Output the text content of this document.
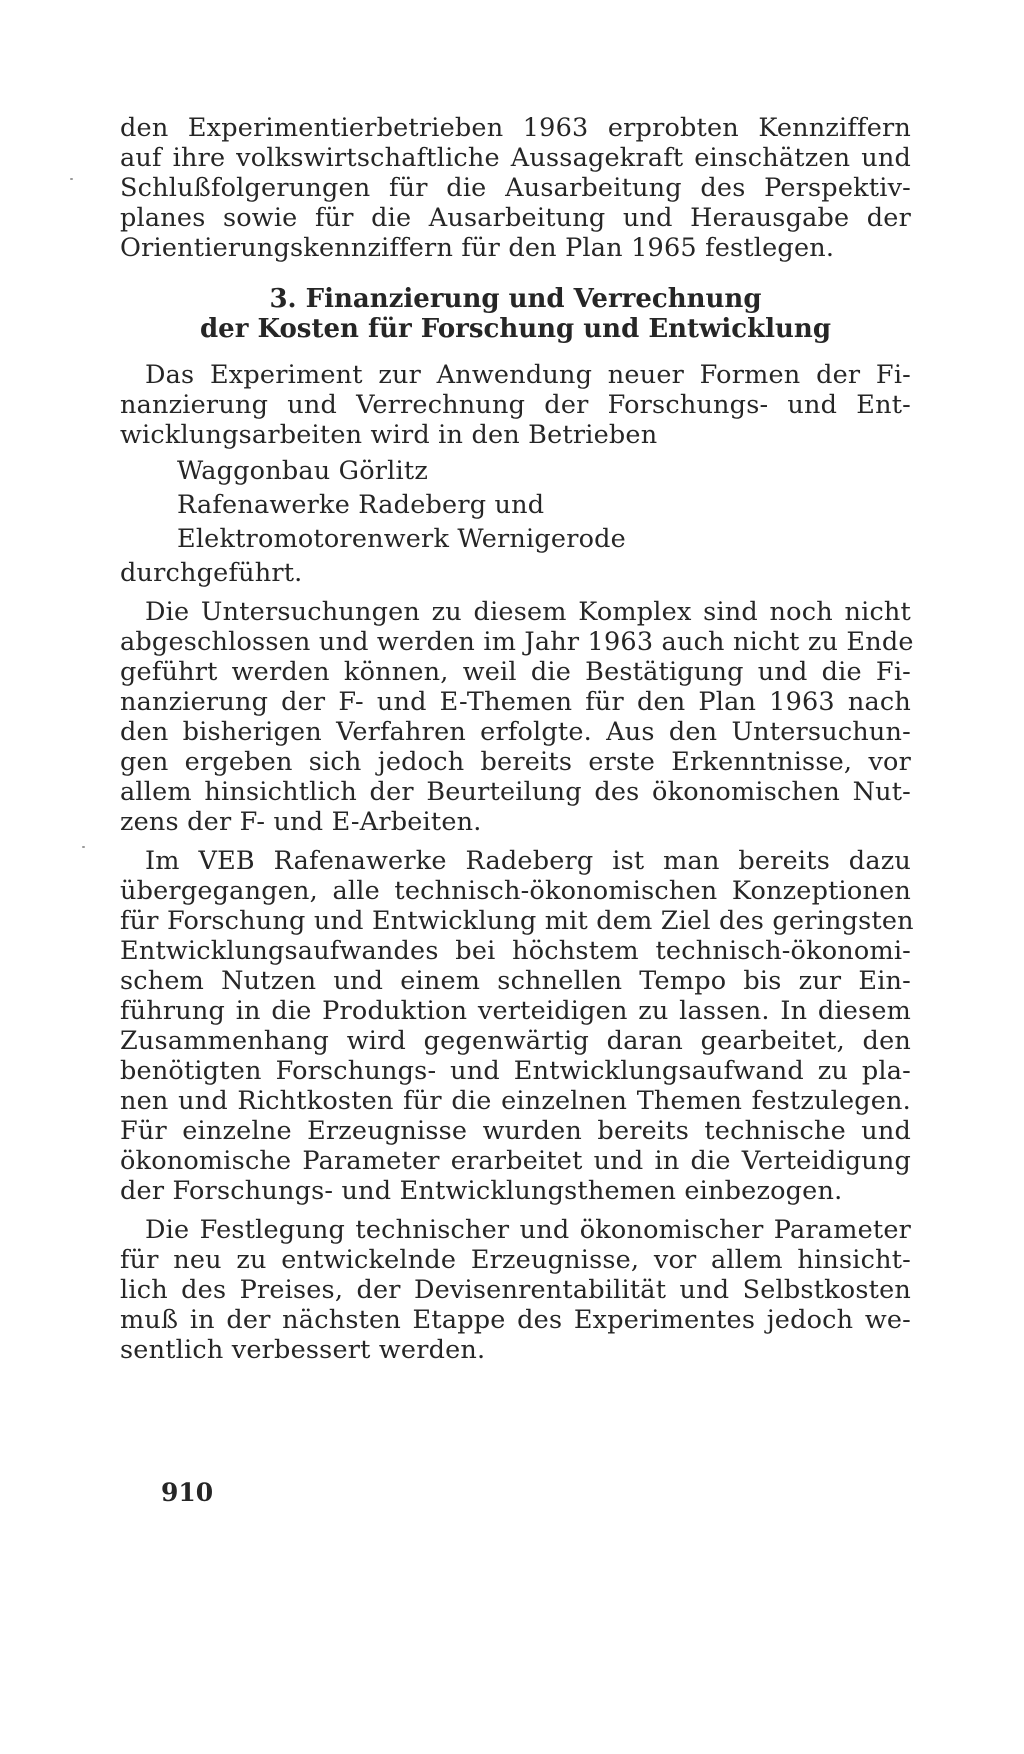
den Experimentierbetrieben 1963 erprobten Kennziffern
auf ihre volkswirtschaftliche Aussagekraft einschätzen und
Schlußfolgerungen für die Ausarbeitung des Perspektiv-
planes sowie für die Ausarbeitung und Herausgabe der
Orientierungskennziffern für den Plan 1965 festlegen.
3. Finanzierung und Verrechnung
der Kosten für Forschung und Entwicklung
Das Experiment zur Anwendung neuer Formen der Fi-
nanzierung und Verrechnung der Forschungs- und Ent-
wicklungsarbeiten wird in den Betrieben
Waggonbau Görlitz
Rafenawerke Radeberg und
Elektromotorenwerk Wernigerode
durchgeführt.
Die Untersuchungen zu diesem Komplex sind noch nicht
abgeschlossen und werden im Jahr 1963 auch nicht zu Ende
geführt werden können, weil die Bestätigung und die Fi-
nanzierung der F- und E-Themen für den Plan 1963 nach
den bisherigen Verfahren erfolgte. Aus den Untersuchun-
gen ergeben sich jedoch bereits erste Erkenntnisse, vor
allem hinsichtlich der Beurteilung des ökonomischen Nut-
zens der F- und E-Arbeiten.
Im VEB Rafenawerke Radeberg ist man bereits dazu
übergegangen, alle technisch-ökonomischen Konzeptionen
für Forschung und Entwicklung mit dem Ziel des geringsten
Entwicklungsaufwandes bei höchstem technisch-ökonomi-
schem Nutzen und einem schnellen Tempo bis zur Ein-
führung in die Produktion verteidigen zu lassen. In diesem
Zusammenhang wird gegenwärtig daran gearbeitet, den
benötigten Forschungs- und Entwicklungsaufwand zu pla-
nen und Richtkosten für die einzelnen Themen festzulegen.
Für einzelne Erzeugnisse wurden bereits technische und
ökonomische Parameter erarbeitet und in die Verteidigung
der Forschungs- und Entwicklungsthemen einbezogen.
Die Festlegung technischer und ökonomischer Parameter
für neu zu entwickelnde Erzeugnisse, vor allem hinsicht-
lich des Preises, der Devisenrentabilität und Selbstkosten
muß in der nächsten Etappe des Experimentes jedoch we-
sentlich verbessert werden.
910
